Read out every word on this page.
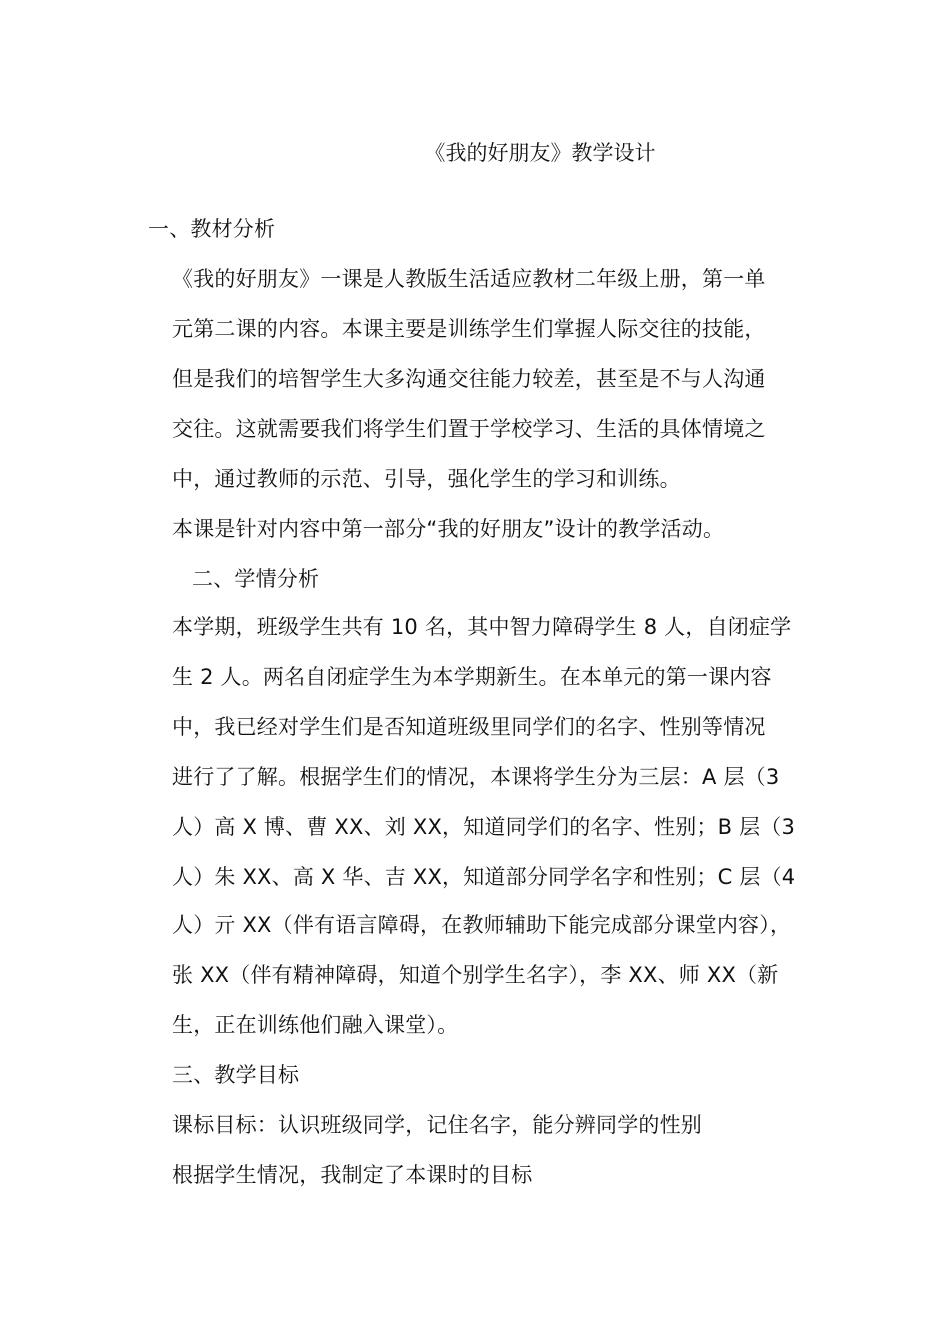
《我的好朋友》教学设计
一、教材分析
《我的好朋友》一课是人教版生活适应教材二年级上册，第一单
元第二课的内容。本课主要是训练学生们掌握人际交往的技能，
但是我们的培智学生大多沟通交往能力较差，甚至是不与人沟通
交往。这就需要我们将学生们置于学校学习、生活的具体情境之
中，通过教师的示范、引导，强化学生的学习和训练。
本课是针对内容中第一部分“我的好朋友”设计的教学活动。
二、学情分析
本学期，班级学生共有 10 名，其中智力障碍学生 8 人，自闭症学
生 2 人。两名自闭症学生为本学期新生。在本单元的第一课内容
中，我已经对学生们是否知道班级里同学们的名字、性别等情况
进行了了解。根据学生们的情况，本课将学生分为三层：A 层（3
人）高 X 博、曹 XX、刘 XX，知道同学们的名字、性别；B 层（3
人）朱 XX、高 X 华、吉 XX，知道部分同学名字和性别；C 层（4
人）亓 XX（伴有语言障碍，在教师辅助下能完成部分课堂内容），
张 XX（伴有精神障碍，知道个别学生名字），李 XX、师 XX（新
生，正在训练他们融入课堂）。
三、教学目标
课标目标：认识班级同学，记住名字，能分辨同学的性别
根据学生情况，我制定了本课时的目标
